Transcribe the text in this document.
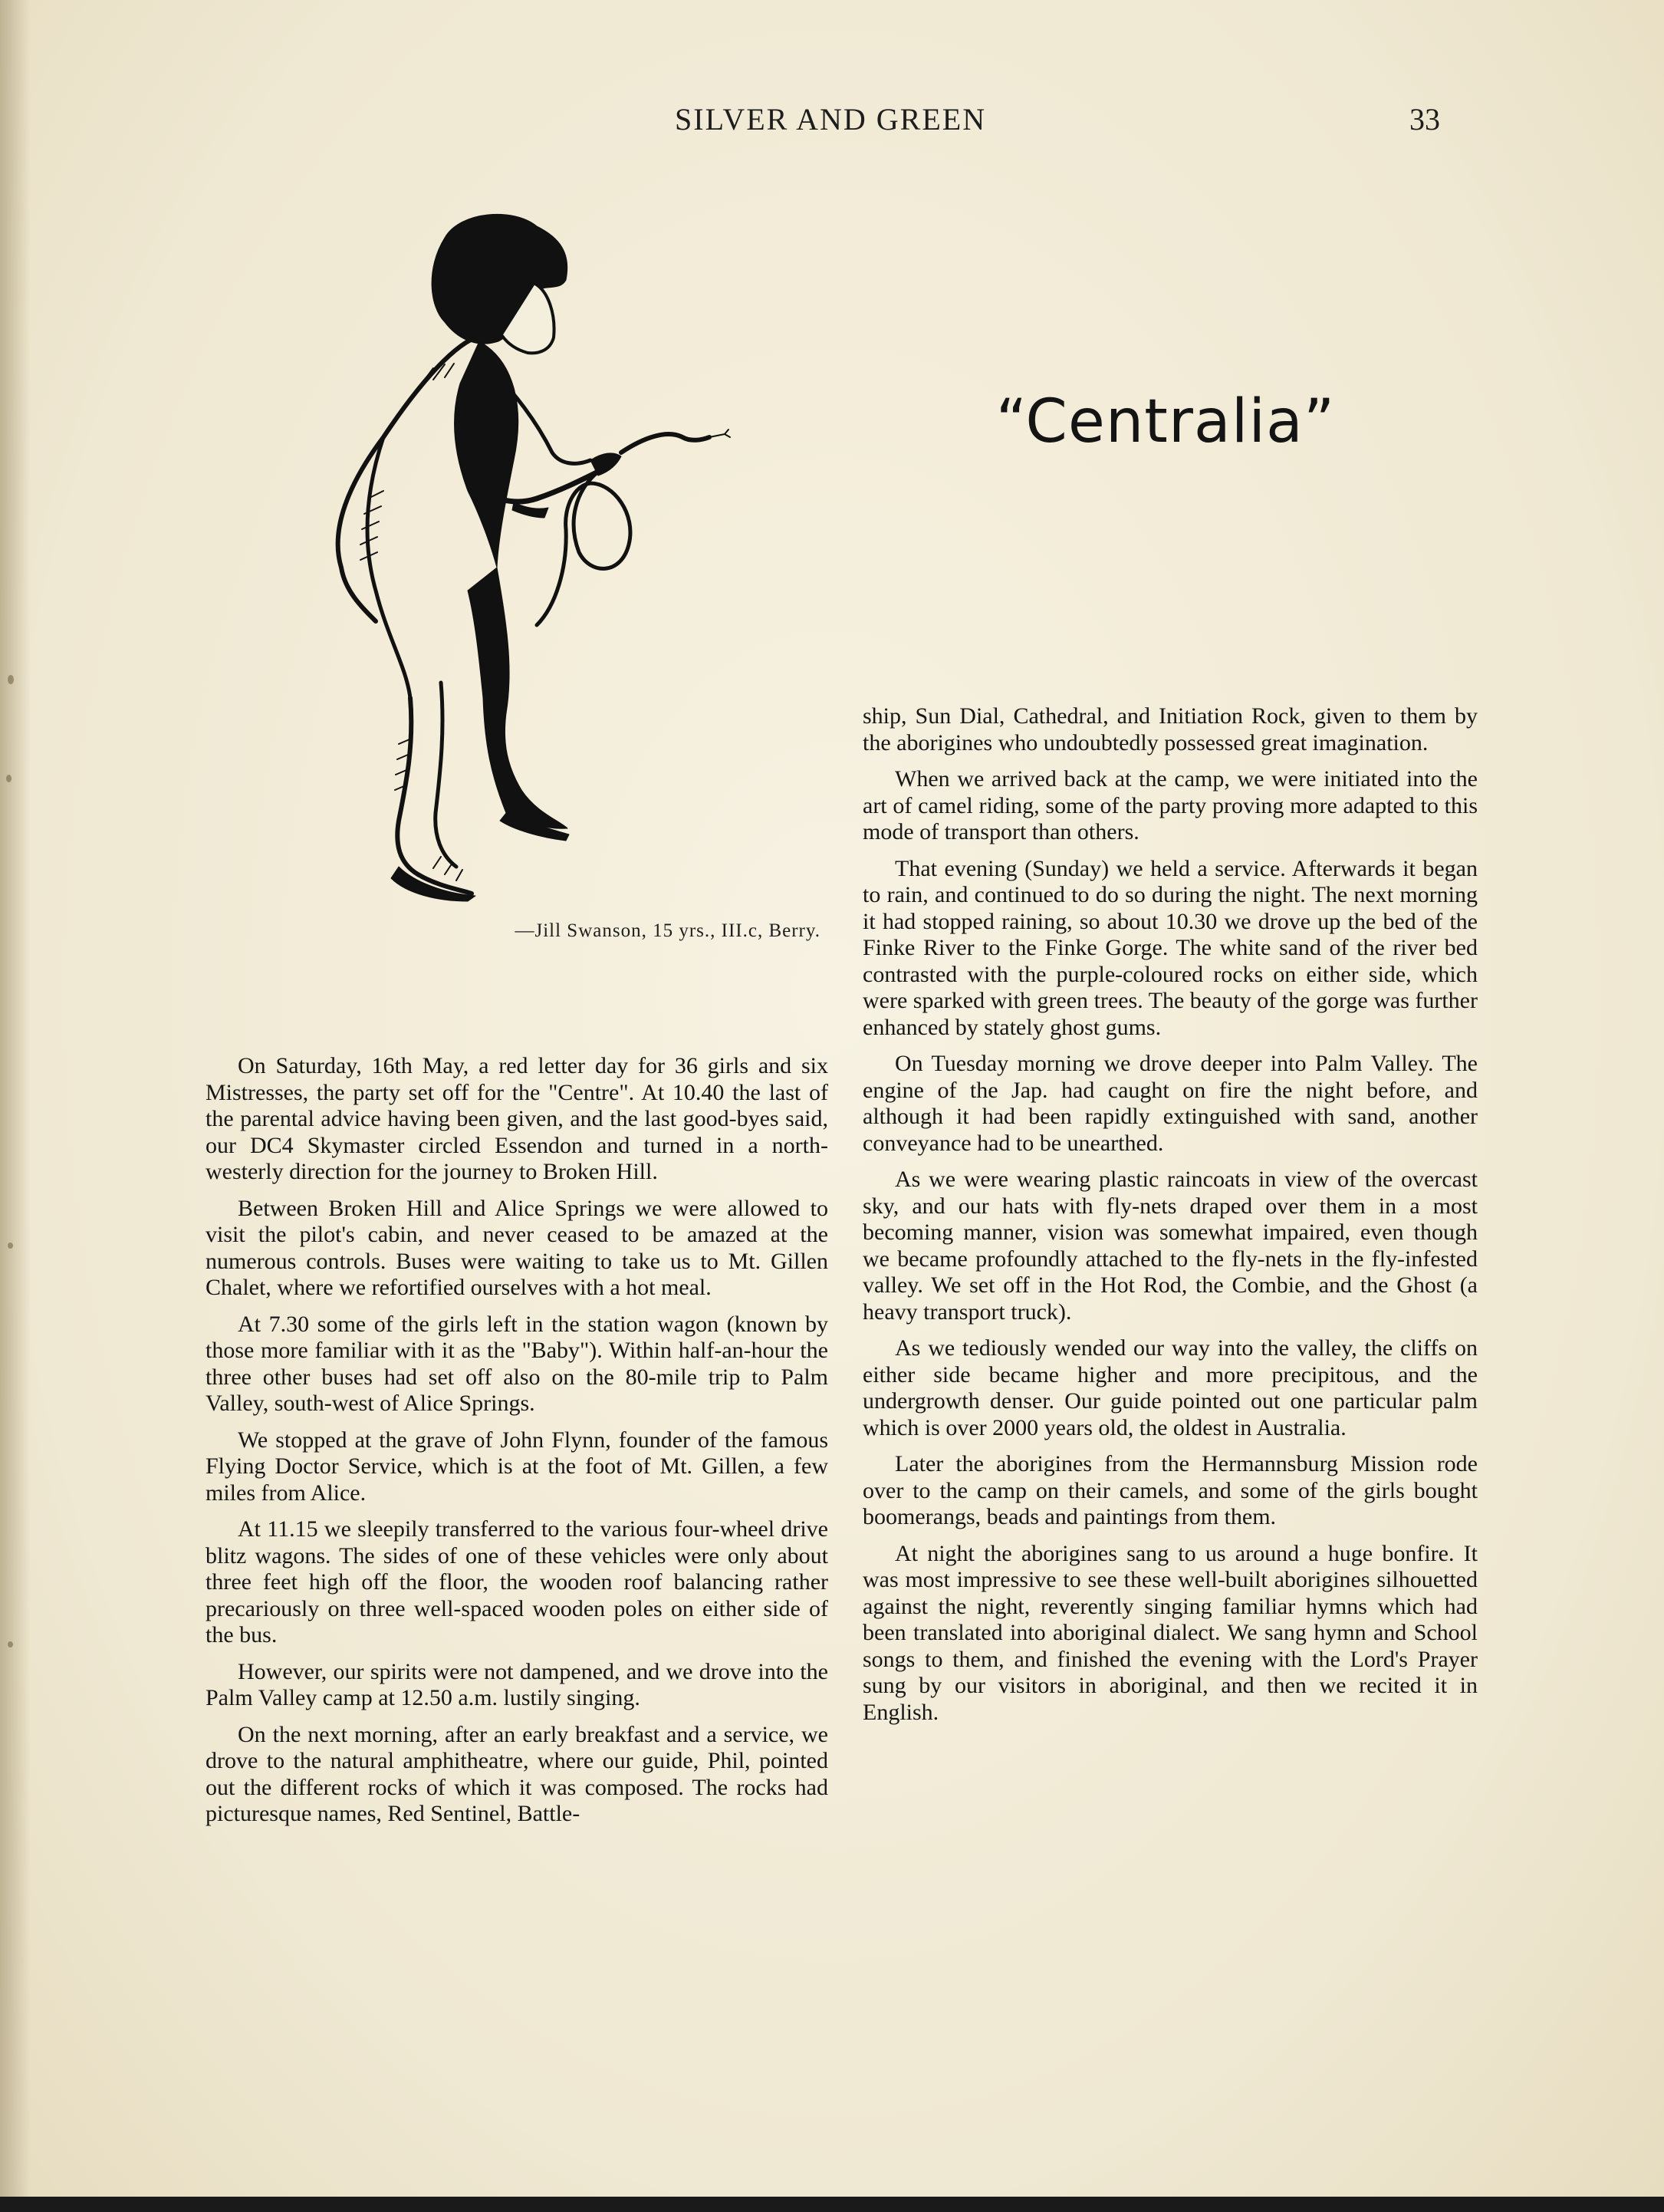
SILVER AND GREEN	33
—Jill Swanson, 15 yrs., III.c, Berry.
“Centralia”

On Saturday, 16th May, a red letter day for 36 girls and six Mistresses, the party set off for the "Centre". At 10.40 the last of the parental advice having been given, and the last good-byes said, our DC4 Skymaster circled Essendon and turned in a north-westerly direction for the journey to Broken Hill.

Between Broken Hill and Alice Springs we were allowed to visit the pilot's cabin, and never ceased to be amazed at the numerous controls. Buses were waiting to take us to Mt. Gillen Chalet, where we refortified ourselves with a hot meal.

At 7.30 some of the girls left in the station wagon (known by those more familiar with it as the "Baby"). Within half-an-hour the three other buses had set off also on the 80-mile trip to Palm Valley, south-west of Alice Springs.

We stopped at the grave of John Flynn, founder of the famous Flying Doctor Service, which is at the foot of Mt. Gillen, a few miles from Alice.

At 11.15 we sleepily transferred to the various four-wheel drive blitz wagons. The sides of one of these vehicles were only about three feet high off the floor, the wooden roof balancing rather precariously on three well-spaced wooden poles on either side of the bus.

However, our spirits were not dampened, and we drove into the Palm Valley camp at 12.50 a.m. lustily singing.

On the next morning, after an early breakfast and a service, we drove to the natural amphitheatre, where our guide, Phil, pointed out the different rocks of which it was composed. The rocks had picturesque names, Red Sentinel, Battle-

ship, Sun Dial, Cathedral, and Initiation Rock, given to them by the aborigines who undoubtedly possessed great imagination.

When we arrived back at the camp, we were initiated into the art of camel riding, some of the party proving more adapted to this mode of transport than others.

That evening (Sunday) we held a service. Afterwards it began to rain, and continued to do so during the night. The next morning it had stopped raining, so about 10.30 we drove up the bed of the Finke River to the Finke Gorge. The white sand of the river bed contrasted with the purple-coloured rocks on either side, which were sparked with green trees. The beauty of the gorge was further enhanced by stately ghost gums.

On Tuesday morning we drove deeper into Palm Valley. The engine of the Jap. had caught on fire the night before, and although it had been rapidly extinguished with sand, another conveyance had to be unearthed.

As we were wearing plastic raincoats in view of the overcast sky, and our hats with fly-nets draped over them in a most becoming manner, vision was somewhat impaired, even though we became profoundly attached to the fly-nets in the fly-infested valley. We set off in the Hot Rod, the Combie, and the Ghost (a heavy transport truck).

As we tediously wended our way into the valley, the cliffs on either side became higher and more precipitous, and the undergrowth denser. Our guide pointed out one particular palm which is over 2000 years old, the oldest in Australia.

Later the aborigines from the Hermannsburg Mission rode over to the camp on their camels, and some of the girls bought boomerangs, beads and paintings from them.

At night the aborigines sang to us around a huge bonfire. It was most impressive to see these well-built aborigines silhouetted against the night, reverently singing familiar hymns which had been translated into aboriginal dialect. We sang hymn and School songs to them, and finished the evening with the Lord's Prayer sung by our visitors in aboriginal, and then we recited it in English.
